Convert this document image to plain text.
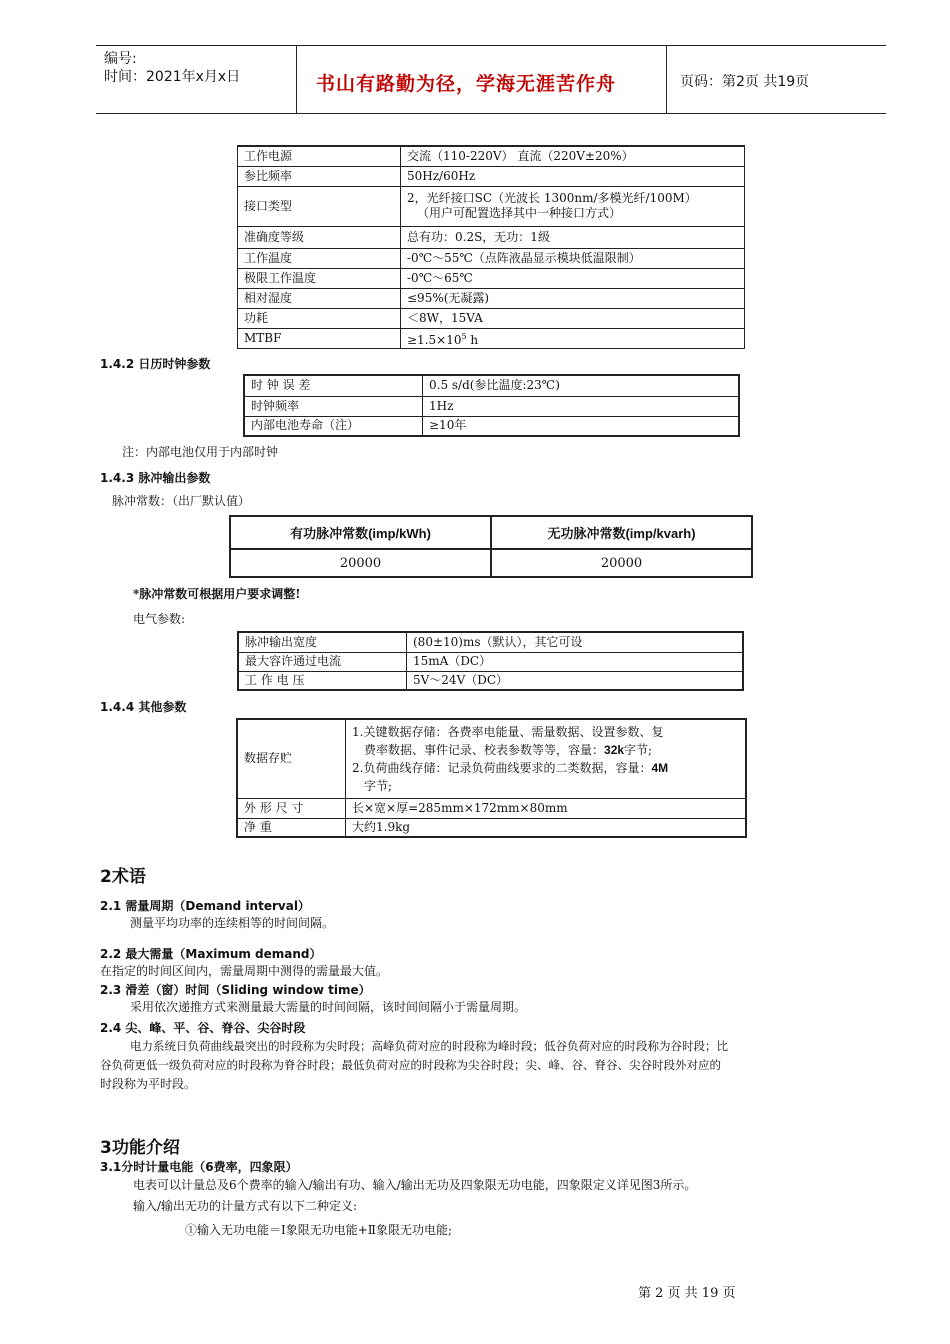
编号:
时间：2021年x月x日	书山有路勤为径，学海无涯苦作舟	页码：第2页 共19页
工作电源	交流（110-220V） 直流（220V±20%）
参比频率	50Hz/60Hz
接口类型	2，光纤接口SC（光波长 1300nm/多模光纤/100M）
（用户可配置选择其中一种接口方式）

准确度等级	总有功：0.2S，无功：1级
工作温度	-0℃～55℃（点阵液晶显示模块低温限制）
极限工作温度	-0℃～65℃
相对湿度	≤95%(无凝露)
功耗	＜8W，15VA
MTBF	$\ge 1.5\times 10^5$ h
1.4.2 日历时钟参数
时 钟 误 差	0.5 s/d(参比温度:23℃)
时钟频率	1Hz
内部电池寿命（注）	≥10年
注：内部电池仅用于内部时钟
1.4.3 脉冲输出参数
脉冲常数：（出厂默认值）
有功脉冲常数(imp/kWh)	无功脉冲常数(imp/kvarh)
20000	20000
*脉冲常数可根据用户要求调整!
电气参数:
脉冲输出宽度	(80±10)ms（默认），其它可设
最大容许通过电流	15mA（DC）
工 作 电 压	5V～24V（DC）
1.4.4 其他参数
数据存贮	1.关键数据存储：各费率电能量、需量数据、设置参数、复
费率数据、事件记录、校表参数等等，容量：32k字节;
2.负荷曲线存储：记录负荷曲线要求的二类数据，容量：4M
字节;

外 形 尺 寸	长×宽×厚=285mm×172mm×80mm
净 重	大约1.9kg
2术语
2.1 需量周期（Demand interval）
测量平均功率的连续相等的时间间隔。
2.2 最大需量（Maximum demand）
在指定的时间区间内，需量周期中测得的需量最大值。
2.3 滑差（窗）时间（Sliding window time）
采用依次递推方式来测量最大需量的时间间隔，该时间间隔小于需量周期。
2.4 尖、峰、平、谷、脊谷、尖谷时段
电力系统日负荷曲线最突出的时段称为尖时段；高峰负荷对应的时段称为峰时段；低谷负荷对应的时段称为谷时段；比
谷负荷更低一级负荷对应的时段称为脊谷时段；最低负荷对应的时段称为尖谷时段；尖、峰、谷、脊谷、尖谷时段外对应的
时段称为平时段。
3功能介绍
3.1分时计量电能（6费率，四象限）
电表可以计量总及6个费率的输入/输出有功、输入/输出无功及四象限无功电能，四象限定义详见图3所示。
输入/输出无功的计量方式有以下二种定义:
①输入无功电能＝Ⅰ象限无功电能+Ⅱ象限无功电能;
第 2 页 共 19 页
